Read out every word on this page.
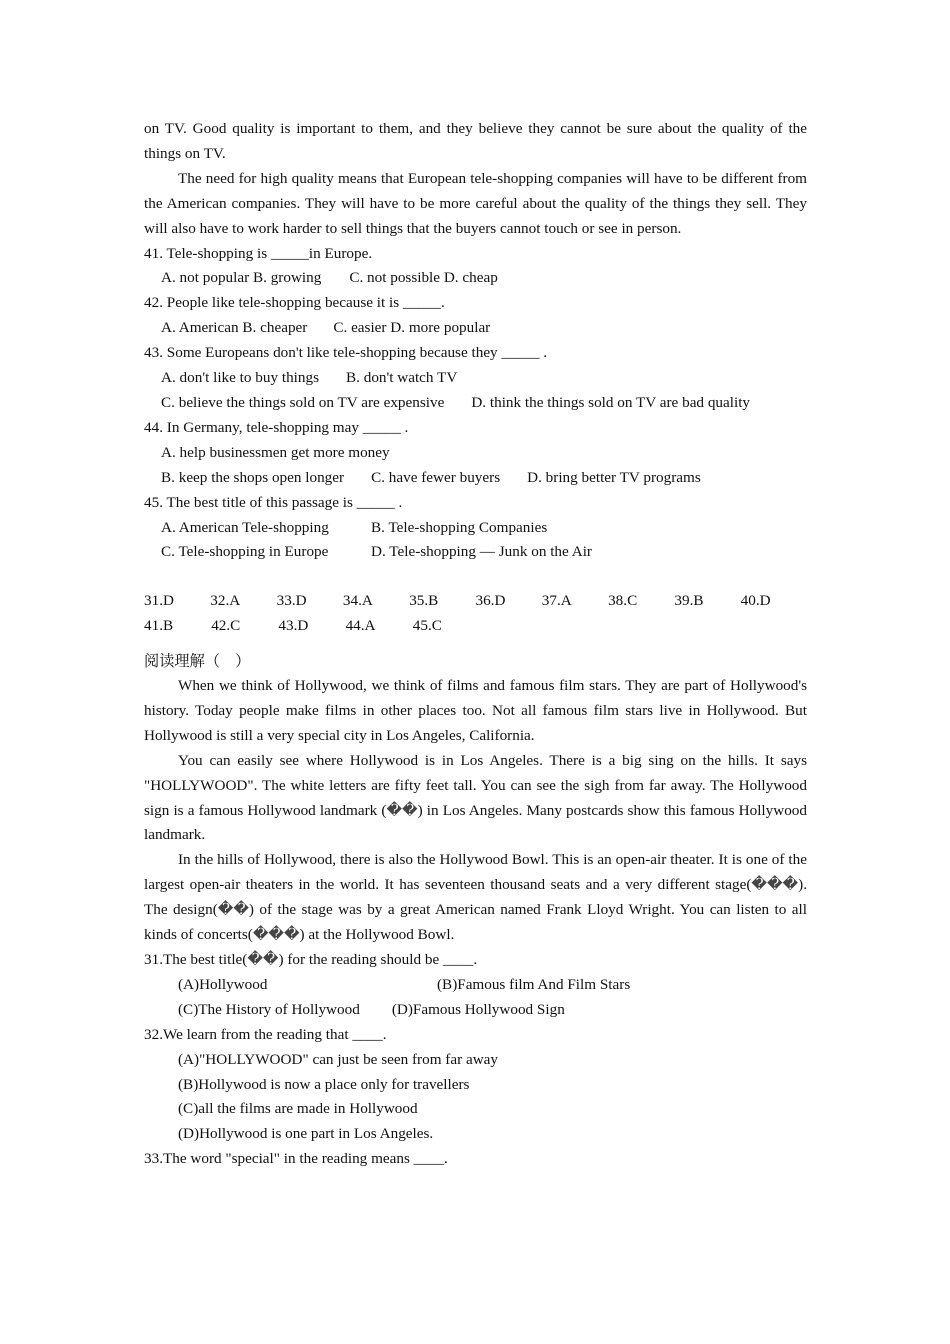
on TV. Good quality is important to them, and they believe they cannot be sure about the quality of the things on TV.
The need for high quality means that European tele-shopping companies will have to be different from the American companies. They will have to be more careful about the quality of the things they sell. They will also have to work harder to sell things that the buyers cannot touch or see in person.
41. Tele-shopping is _____in Europe.
A. not popular B. growing C. not possible D. cheap
42. People like tele-shopping because it is _____.
A. American B. cheaper C. easier D. more popular
43. Some Europeans don't like tele-shopping because they _____ .
A. don't like to buy things B. don't watch TV
C. believe the things sold on TV are expensive D. think the things sold on TV are bad quality
44. In Germany, tele-shopping may _____ .
A. help businessmen get more money
B. keep the shops open longer C. have fewer buyers D. bring better TV programs
45. The best title of this passage is _____ .
A. American Tele-shopping	B. Tele-shopping Companies
C. Tele-shopping in Europe	D. Tele-shopping — Junk on the Air
31.D	32.A	33.D	34.A	35.B	36.D	37.A	38.C	39.B	40.D
41.B	42.C	43.D	44.A	45.C
阅读理解（　）
When we think of Hollywood, we think of films and famous film stars. They are part of Hollywood's history. Today people make films in other places too. Not all famous film stars live in Hollywood. But Hollywood is still a very special city in Los Angeles, California.
You can easily see where Hollywood is in Los Angeles. There is a big sing on the hills. It says "HOLLYWOOD". The white letters are fifty feet tall. You can see the sigh from far away. The Hollywood sign is a famous Hollywood landmark (��) in Los Angeles. Many postcards show this famous Hollywood landmark.
In the hills of Hollywood, there is also the Hollywood Bowl. This is an open-air theater. It is one of the largest open-air theaters in the world. It has seventeen thousand seats and a very different stage(���). The design(��) of the stage was by a great American named Frank Lloyd Wright. You can listen to all kinds of concerts(���) at the Hollywood Bowl.
31.The best title(��) for the reading should be ____.
(A)Hollywood	(B)Famous film And Film Stars
(C)The History of Hollywood (D)Famous Hollywood Sign
32.We learn from the reading that ____.
(A)"HOLLYWOOD" can just be seen from far away
(B)Hollywood is now a place only for travellers
(C)all the films are made in Hollywood
(D)Hollywood is one part in Los Angeles.
33.The word "special" in the reading means ____.
